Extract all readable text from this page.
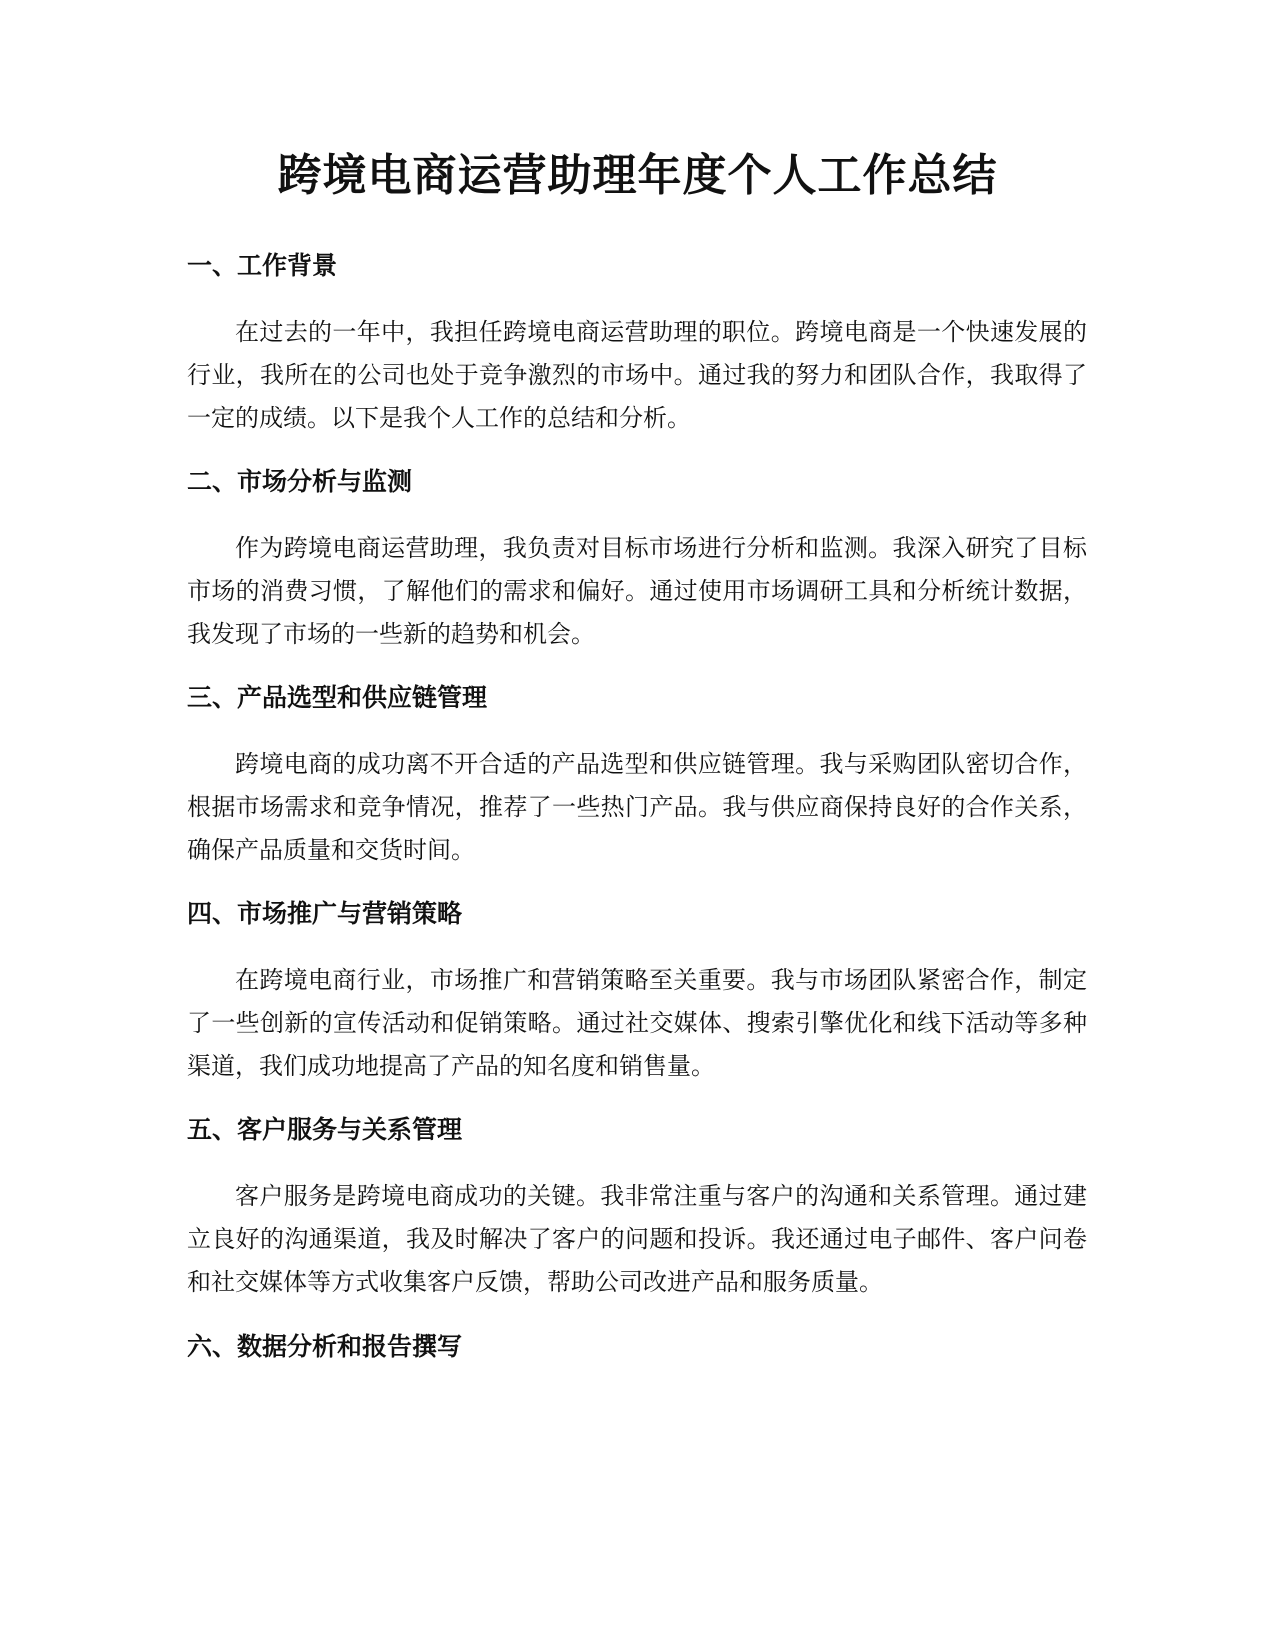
跨境电商运营助理年度个人工作总结
一、工作背景

在过去的一年中，我担任跨境电商运营助理的职位。跨境电商是一个快速发展的行业，我所在的公司也处于竞争激烈的市场中。通过我的努力和团队合作，我取得了一定的成绩。以下是我个人工作的总结和分析。

二、市场分析与监测

作为跨境电商运营助理，我负责对目标市场进行分析和监测。我深入研究了目标市场的消费习惯，了解他们的需求和偏好。通过使用市场调研工具和分析统计数据，我发现了市场的一些新的趋势和机会。

三、产品选型和供应链管理

跨境电商的成功离不开合适的产品选型和供应链管理。我与采购团队密切合作，根据市场需求和竞争情况，推荐了一些热门产品。我与供应商保持良好的合作关系，确保产品质量和交货时间。

四、市场推广与营销策略

在跨境电商行业，市场推广和营销策略至关重要。我与市场团队紧密合作，制定了一些创新的宣传活动和促销策略。通过社交媒体、搜索引擎优化和线下活动等多种渠道，我们成功地提高了产品的知名度和销售量。

五、客户服务与关系管理

客户服务是跨境电商成功的关键。我非常注重与客户的沟通和关系管理。通过建立良好的沟通渠道，我及时解决了客户的问题和投诉。我还通过电子邮件、客户问卷和社交媒体等方式收集客户反馈，帮助公司改进产品和服务质量。

六、数据分析和报告撰写
